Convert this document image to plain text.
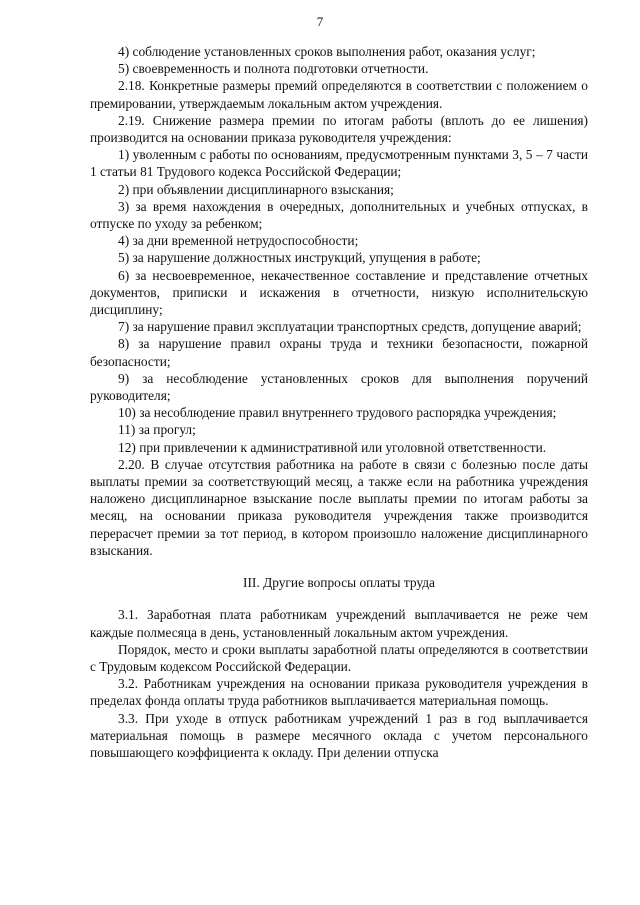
7

4) соблюдение установленных сроков выполнения работ, оказания услуг;

5) своевременность и полнота подготовки отчетности.

2.18. Конкретные размеры премий определяются в соответствии с положением о премировании, утверждаемым локальным актом учреждения.

2.19. Снижение размера премии по итогам работы (вплоть до ее лишения) производится на основании приказа руководителя учреждения:

1) уволенным с работы по основаниям, предусмотренным пунктами 3, 5 – 7 части 1 статьи 81 Трудового кодекса Российской Федерации;

2) при объявлении дисциплинарного взыскания;

3) за время нахождения в очередных, дополнительных и учебных отпусках, в отпуске по уходу за ребенком;

4) за дни временной нетрудоспособности;

5) за нарушение должностных инструкций, упущения в работе;

6) за несвоевременное, некачественное составление и представление отчетных документов, приписки и искажения в отчетности, низкую исполнительскую дисциплину;

7) за нарушение правил эксплуатации транспортных средств, допущение аварий;

8) за нарушение правил охраны труда и техники безопасности, пожарной безопасности;

9) за несоблюдение установленных сроков для выполнения поручений руководителя;

10) за несоблюдение правил внутреннего трудового распорядка учреждения;

11) за прогул;

12) при привлечении к административной или уголовной ответственности.

2.20. В случае отсутствия работника на работе в связи с болезнью после даты выплаты премии за соответствующий месяц, а также если на работника учреждения наложено дисциплинарное взыскание после выплаты премии по итогам работы за месяц, на основании приказа руководителя учреждения также производится перерасчет премии за тот период, в котором произошло наложение дисциплинарного взыскания.

III. Другие вопросы оплаты труда

3.1. Заработная плата работникам учреждений выплачивается не реже чем каждые полмесяца в день, установленный локальным актом учреждения.

Порядок, место и сроки выплаты заработной платы определяются в соответствии с Трудовым кодексом Российской Федерации.

3.2. Работникам учреждения на основании приказа руководителя учреждения в пределах фонда оплаты труда работников выплачивается материальная помощь.

3.3. При уходе в отпуск работникам учреждений 1 раз в год выплачивается материальная помощь в размере месячного оклада с учетом персонального повышающего коэффициента к окладу. При делении отпуска
